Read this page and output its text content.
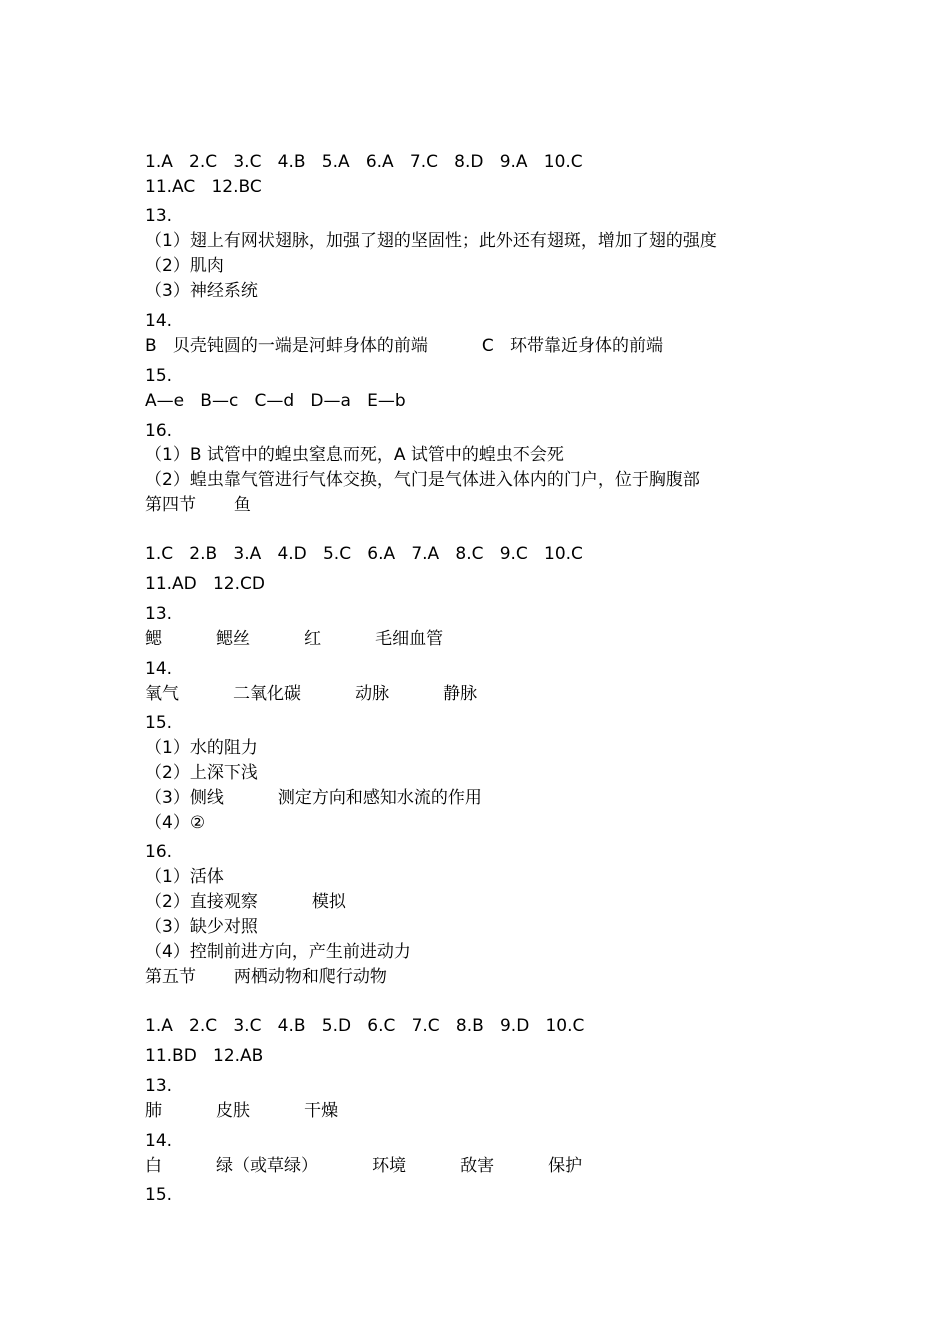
1.A   2.C   3.C   4.B   5.A   6.A   7.C   8.D   9.A   10.C
11.AC   12.BC
13.
（1）翅上有网状翅脉，加强了翅的坚固性；此外还有翅斑，增加了翅的强度
（2）肌肉
（3）神经系统
14.
B   贝壳钝圆的一端是河蚌身体的前端          C   环带靠近身体的前端
15.
A—e   B—c   C—d   D—a   E—b
16.
（1）B 试管中的蝗虫窒息而死，A 试管中的蝗虫不会死
（2）蝗虫靠气管进行气体交换，气门是气体进入体内的门户，位于胸腹部
第四节       鱼
1.C   2.B   3.A   4.D   5.C   6.A   7.A   8.C   9.C   10.C
11.AD   12.CD
13.
鳃          鳃丝          红          毛细血管
14.
氧气          二氧化碳          动脉          静脉
15.
（1）水的阻力
（2）上深下浅
（3）侧线          测定方向和感知水流的作用
（4）②
16.
（1）活体
（2）直接观察          模拟
（3）缺少对照
（4）控制前进方向，产生前进动力
第五节       两栖动物和爬行动物
1.A   2.C   3.C   4.B   5.D   6.C   7.C   8.B   9.D   10.C
11.BD   12.AB
13.
肺          皮肤          干燥
14.
白          绿（或草绿）          环境          敌害          保护
15.
